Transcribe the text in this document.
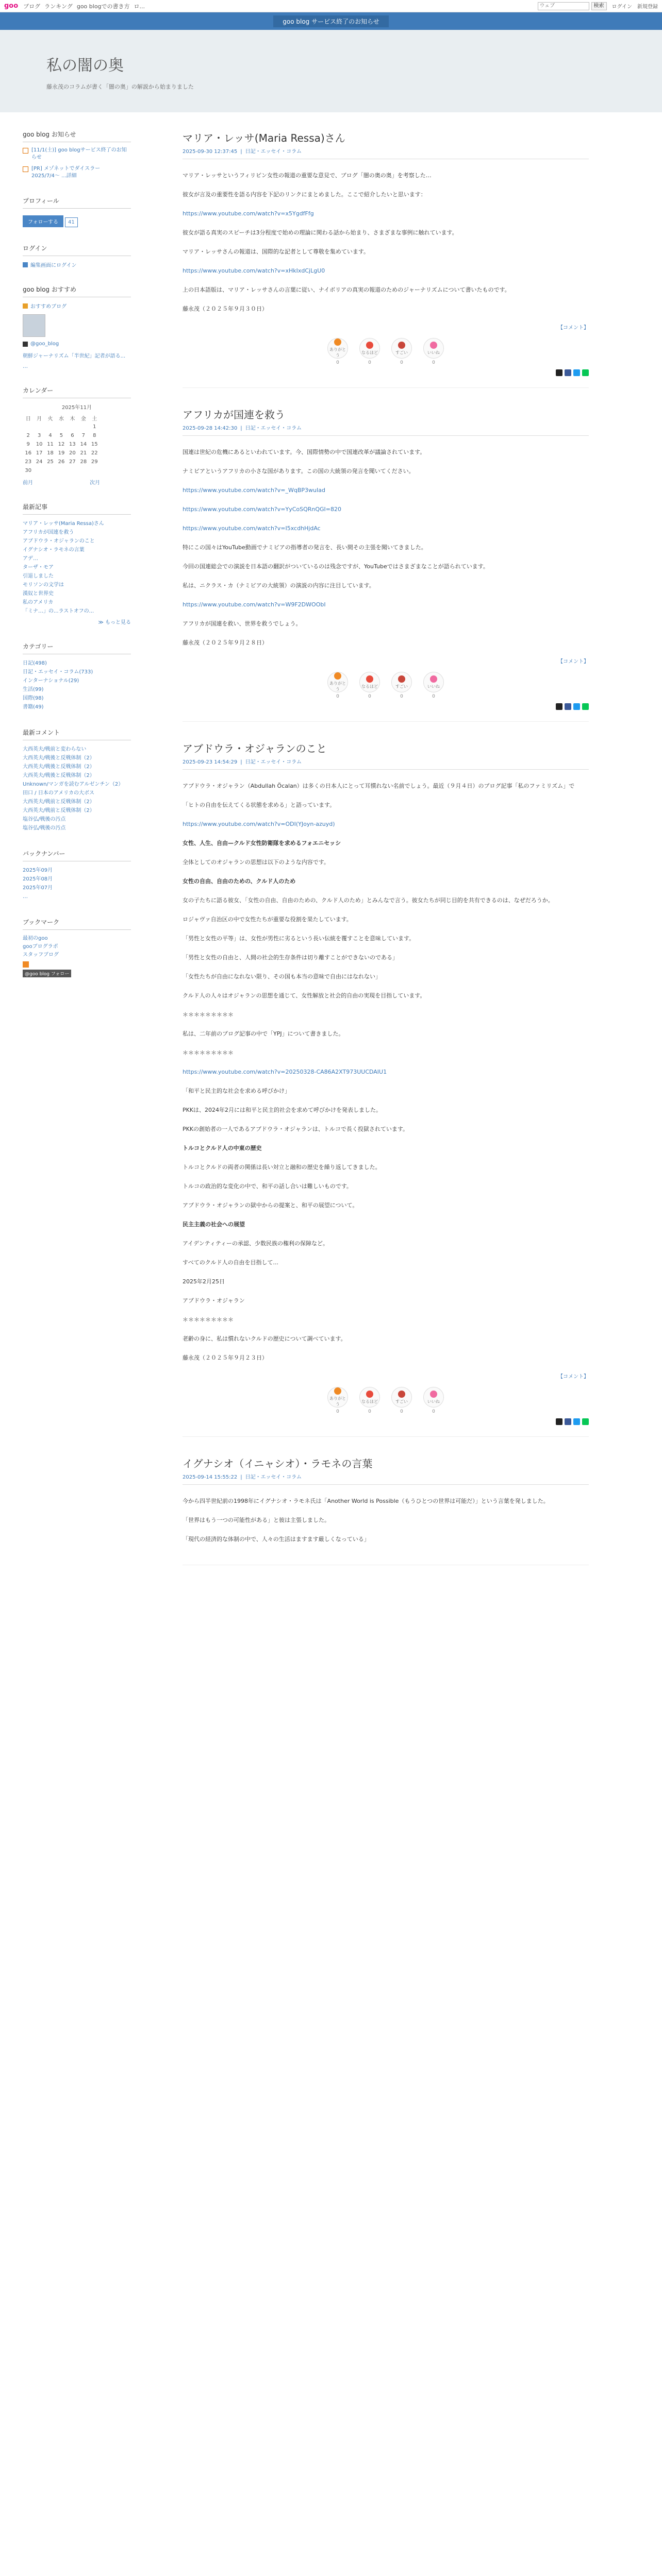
goo ブログ ランキング goo blogでの書き方 ロ...
ウェブ	検索	ログイン 新規登録
goo blog サービス終了のお知らせ
私の闇の奥

藤永茂のコラムが書く「闇の奥」の解説から始まりました

goo blog お知らせ
[11/1(土)] goo blogサービス終了のお知らせ
[PR] メゾネットでダイスラー　2025/7/4〜 ...詳細
プロフィール
フォローする 41
ログイン
編集画面にログイン
goo blog おすすめ
おすすめブログ
@goo_blog
朝鮮ジャーナリズム「半世紀」記者が語る...
…
カレンダー
2025年11月
日	月	火	水	木	金	土
						1
2	3	4	5	6	7	8
9	10	11	12	13	14	15
16	17	18	19	20	21	22
23	24	25	26	27	28	29
30						
前月	次月
最新記事
マリア・レッサ(Maria Ressa)さん
アフリカが国連を救う
アブドウラ・オジャランのこと
イグナシオ・ラモネの言葉
アデ…
ターザ・モア
引退しました
モリソンの文学は
漢奴と世界史
私のアメリカ
「ミナ…」の...ラストオフの...
≫ もっと見る
カテゴリー
日記(498)
日記・エッセイ・コラム(733)
インターナショナル(29)
生活(99)
国際(98)
書籍(49)
最新コメント
大西英夫/戦前と変わらない
大西英夫/戦後と反戦体制（2）
大西英夫/戦後と反戦体制（2）
大西英夫/戦後と反戦体制（2）
Unknown/マンガを読むアルゼンチン（2）
田口 / 日本のアメリカの大ボス
大西英夫/戦前と反戦体制（2）
大西英夫/戦前と反戦体制（2）
塩谷弘/戦後の汚点
塩谷弘/戦後の汚点
バックナンバー
2025年09月
2025年08月
2025年07月
…
ブックマーク
最初のgoo
gooブログラポ
スタッフブログ
@goo blog フォロー
マリア・レッサ(Maria Ressa)さん
2025-09-30 12:37:45 | 日記・エッセイ・コラム

マリア・レッサというフィリピン女性の報道の重要な意見で、ブログ「闇の奥の奥」を考察した…

彼女が言及の重要性を語る内容を下記のリンクにまとめました。ここで紹介したいと思います：

https://www.youtube.com/watch?v=x5YgdfFfg

彼女が語る真実のスピーチは3分程度で始めの理論に関わる話から始まり、さまざまな事例に触れています。

マリア・レッサさんの報道は、国際的な記者として尊敬を集めています。

https://www.youtube.com/watch?v=xHkIxdCjLgU0

上の日本語版は、マリア・レッサさんの言葉に従い、ナイボリアの真実の報道のためのジャーナリズムについて書いたものです。

藤永茂（２０２５年９月３０日）

【コメント】
ありがとう
0
なるほど
0
すごい
0
いいね
0
アフリカが国連を救う
2025-09-28 14:42:30 | 日記・エッセイ・コラム

国連は世紀の危機にあるといわれています。今、国際情勢の中で国連改革が議論されています。

ナミビアというアフリカの小さな国があります。この国の大統領の発言を聞いてください。

https://www.youtube.com/watch?v=_WqBP3wuIad

https://www.youtube.com/watch?v=YyCoSQRnQGI=820

https://www.youtube.com/watch?v=I5xcdhHjdAc

特にこの国々はYouTube動画でナミビアの指導者の発言を、長い間その主張を聞いてきました。

今回の国連総会での演説を日本語の翻訳がついているのは残念ですが、YouTubeではさまざまなことが語られています。

私は、ニクラス・カ（ナミビアの大統領）の演説の内容に注目しています。

https://www.youtube.com/watch?v=W9F2DWOObI

アフリカが国連を救い、世界を救うでしょう。

藤永茂（２０２５年９月２８日）

【コメント】
ありがとう
0
なるほど
0
すごい
0
いいね
0
アブドウラ・オジャランのこと
2025-09-23 14:54:29 | 日記・エッセイ・コラム

アブドウラ・オジャラン（Abdullah Öcalan）は多くの日本人にとって耳慣れない名前でしょう。最近（９月４日）のブログ記事「私のファミリズム」で

「ヒトの自由を伝えてくる状態を求める」と語っています。

https://www.youtube.com/watch?v=ODI(YJoyn-azuyd)

女性、人生、自由—クルド女性防衛隊を求めるフォエニセッシ

全体としてのオジャランの思想は以下のような内容です。

女性の自由、自由のための、クルド人のため

女の子たちに語る彼女、「女性の自由、自由のための、クルド人のため」とみんなで言う。彼女たちが同じ目的を共有できるのは、なぜだろうか。

ロジャヴァ自治区の中で女性たちが重要な役割を果たしています。

「男性と女性の平等」は、女性が男性に劣るという長い伝統を覆すことを意味しています。

「男性と女性の自由と、人間の社会的生存条件は切り離すことができないのである」

「女性たちが自由になれない限り、その国も本当の意味で自由にはなれない」

クルド人の人々はオジャランの思想を通じて、女性解放と社会的自由の実現を目指しています。

＊＊＊＊＊＊＊＊＊

私は、二年前のブログ記事の中で「YPJ」について書きました。

＊＊＊＊＊＊＊＊＊

https://www.youtube.com/watch?v=20250328-CA86A2XT973UUCDAIU1

「和平と民主的な社会を求める呼びかけ」

PKKは、2024年2月には和平と民主的社会を求めて呼びかけを発表しました。

PKKの創始者の一人であるアブドウラ・オジャランは、トルコで長く投獄されています。

トルコとクルド人の中東の歴史

トルコとクルドの両者の関係は長い対立と融和の歴史を繰り返してきました。

トルコの政治的な変化の中で、和平の話し合いは難しいものです。

アブドウラ・オジャランの獄中からの提案と、和平の展望について。

民主主義の社会への展望

アイデンティティーの承認、少数民族の権利の保障など。

すべてのクルド人の自由を目指して...

2025年2月25日

アブドウラ・オジャラン

＊＊＊＊＊＊＊＊＊

老齢の身に、私は慣れないクルドの歴史について調べています。

藤永茂（２０２５年９月２３日）

【コメント】
ありがとう
0
なるほど
0
すごい
0
いいね
0
イグナシオ（イニャシオ）・ラモネの言葉
2025-09-14 15:55:22 | 日記・エッセイ・コラム

今から四半世紀前の1998年にイグナシオ・ラモネ氏は「Another World is Possible（もうひとつの世界は可能だ）」という言葉を発しました。

「世界はもう一つの可能性がある」と彼は主張しました。

「現代の経済的な体制の中で、人々の生活はますます厳しくなっている」
